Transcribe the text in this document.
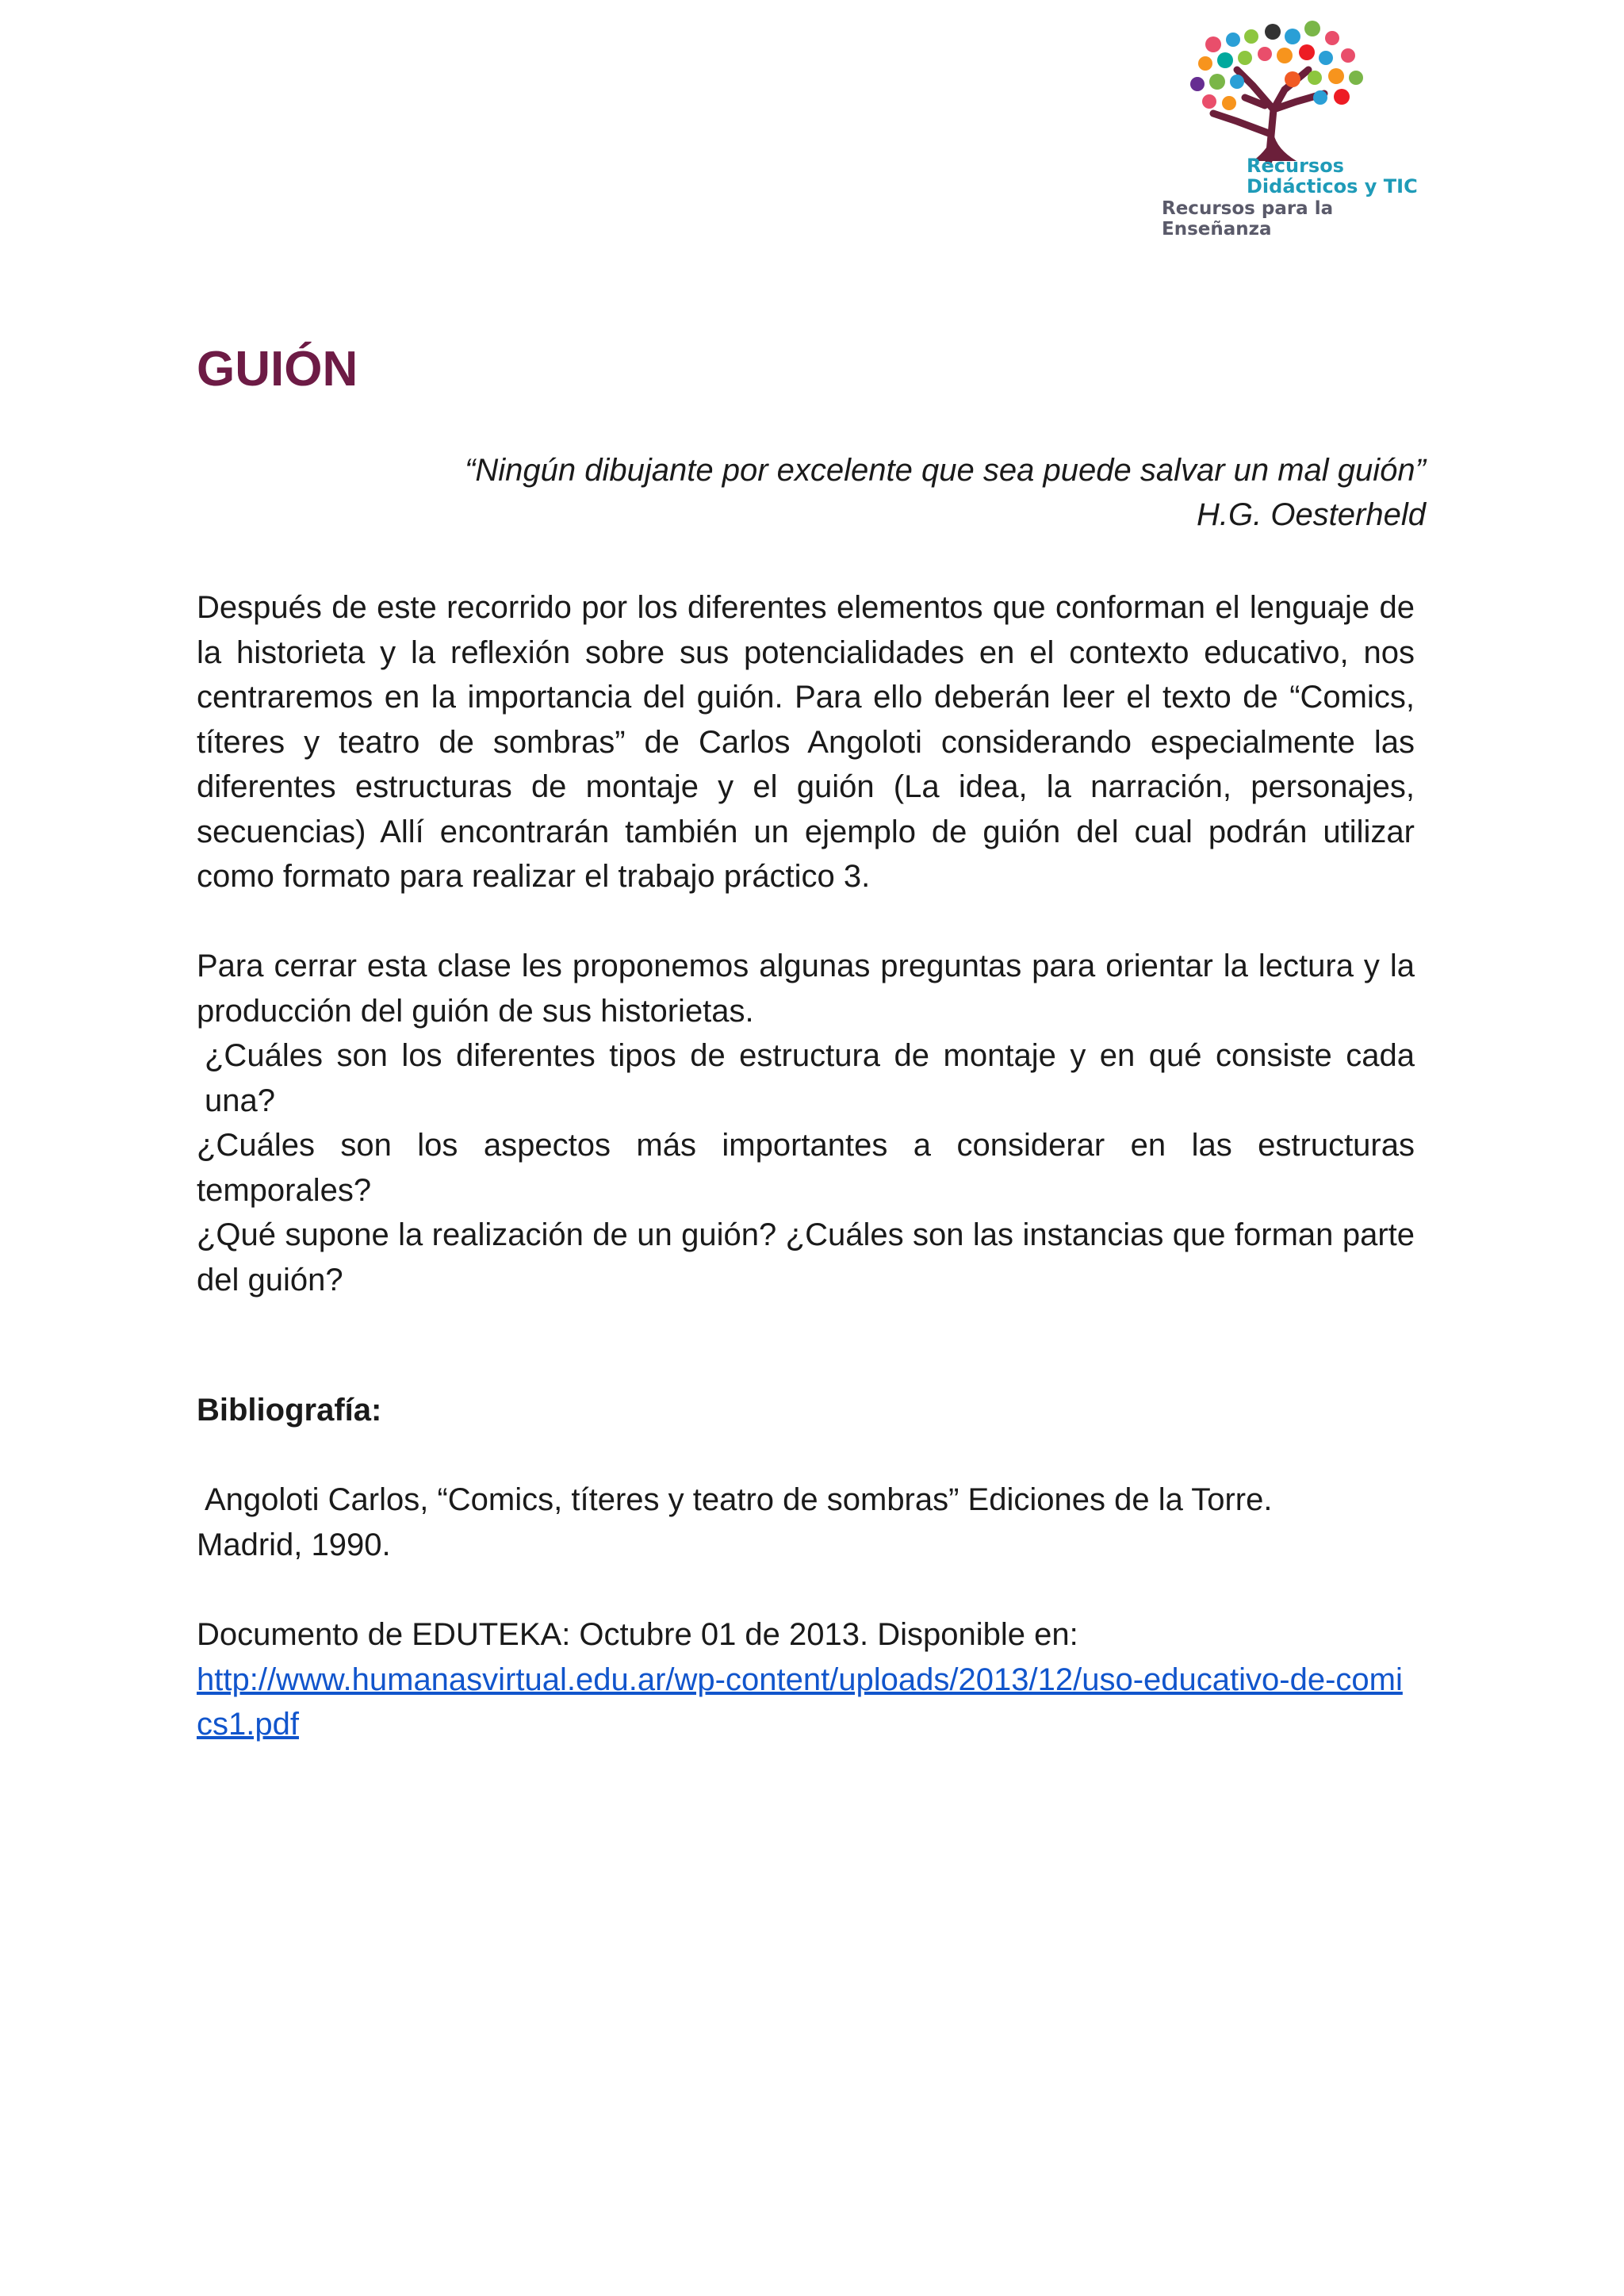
Recursos
Didácticos y TIC
Recursos para la Enseñanza
GUIÓN
“Ningún dibujante por excelente que sea puede salvar un mal guión”
H.G. Oesterheld

Después de este recorrido por los diferentes elementos que conforman el lenguaje de la historieta y la reflexión sobre sus potencialidades en el contexto educativo, nos centraremos en la importancia del guión. Para ello deberán leer el texto de “Comics, títeres y teatro de sombras” de Carlos Angoloti considerando especialmente las diferentes estructuras de montaje y el guión (La idea, la narración, personajes, secuencias) Allí encontrarán también un ejemplo de guión del cual podrán utilizar como formato para realizar el trabajo práctico 3.

Para cerrar esta clase les proponemos algunas preguntas para orientar la lectura y la producción del guión de sus historietas.
¿Cuáles son los diferentes tipos de estructura de montaje y en qué consiste cada una?
¿Cuáles son los aspectos más importantes a considerar en las estructuras temporales?
¿Qué supone la realización de un guión? ¿Cuáles son las instancias que forman parte del guión?
Bibliografía:

Angoloti Carlos, “Comics, títeres y teatro de sombras” Ediciones de la Torre.
Madrid, 1990.

Documento de EDUTEKA: Octubre 01 de 2013. Disponible en:
http://www.humanasvirtual.edu.ar/wp-content/uploads/2013/12/uso-educativo-de-comics1.pdf
